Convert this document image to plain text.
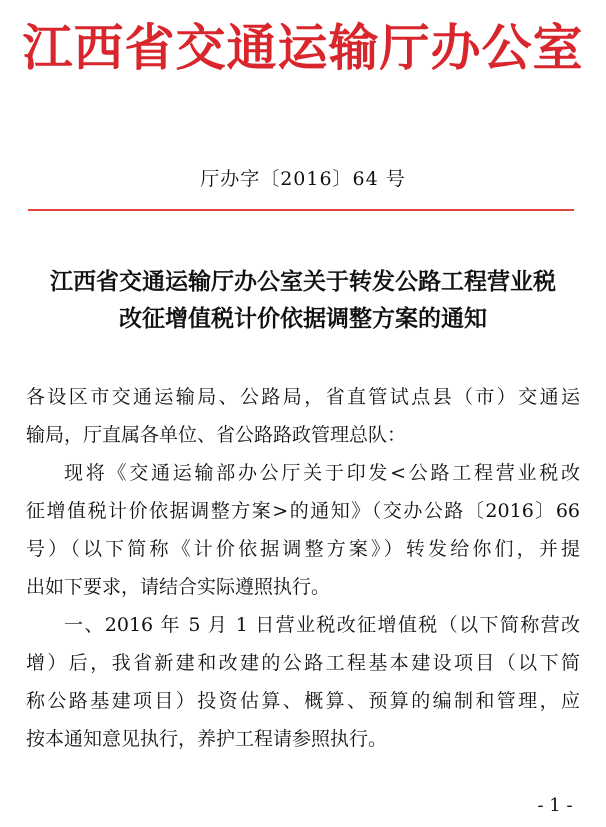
江西省交通运输厅办公室
厅办字〔2016〕64 号
江西省交通运输厅办公室关于转发公路工程营业税
改征增值税计价依据调整方案的通知
各设区市交通运输局、公路局，省直管试点县（市）交通运
输局，厅直属各单位、省公路路政管理总队：
现将《交通运输部办公厅关于印发<公路工程营业税改
征增值税计价依据调整方案>的通知》（交办公路〔2016〕66
号）（以下简称《计价依据调整方案》）转发给你们，并提
出如下要求，请结合实际遵照执行。
一、2016 年 5 月 1 日营业税改征增值税（以下简称营改
增）后，我省新建和改建的公路工程基本建设项目（以下简
称公路基建项目）投资估算、概算、预算的编制和管理，应
按本通知意见执行，养护工程请参照执行。
- 1 -
